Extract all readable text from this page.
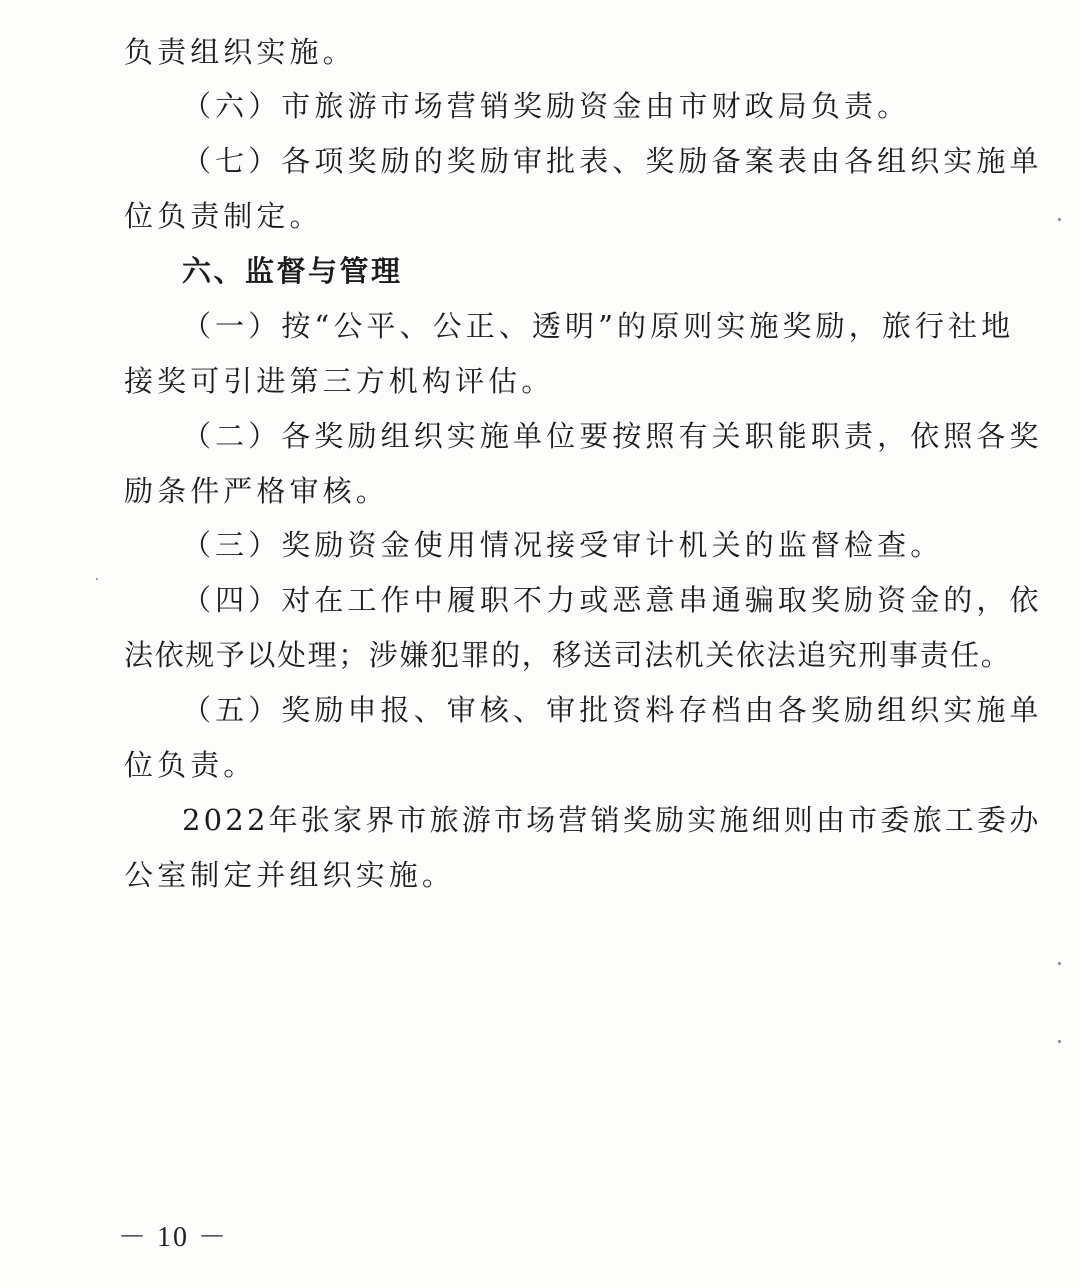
负责组织实施。
（六）市旅游市场营销奖励资金由市财政局负责。
（七）各项奖励的奖励审批表、奖励备案表由各组织实施单
位负责制定。
六、监督与管理
（一）按“公平、公正、透明”的原则实施奖励，旅行社地
接奖可引进第三方机构评估。
（二）各奖励组织实施单位要按照有关职能职责，依照各奖
励条件严格审核。
（三）奖励资金使用情况接受审计机关的监督检查。
（四）对在工作中履职不力或恶意串通骗取奖励资金的，依
法依规予以处理；涉嫌犯罪的，移送司法机关依法追究刑事责任。
（五）奖励申报、审核、审批资料存档由各奖励组织实施单
位负责。
2022年张家界市旅游市场营销奖励实施细则由市委旅工委办
公室制定并组织实施。
－ 10 －
